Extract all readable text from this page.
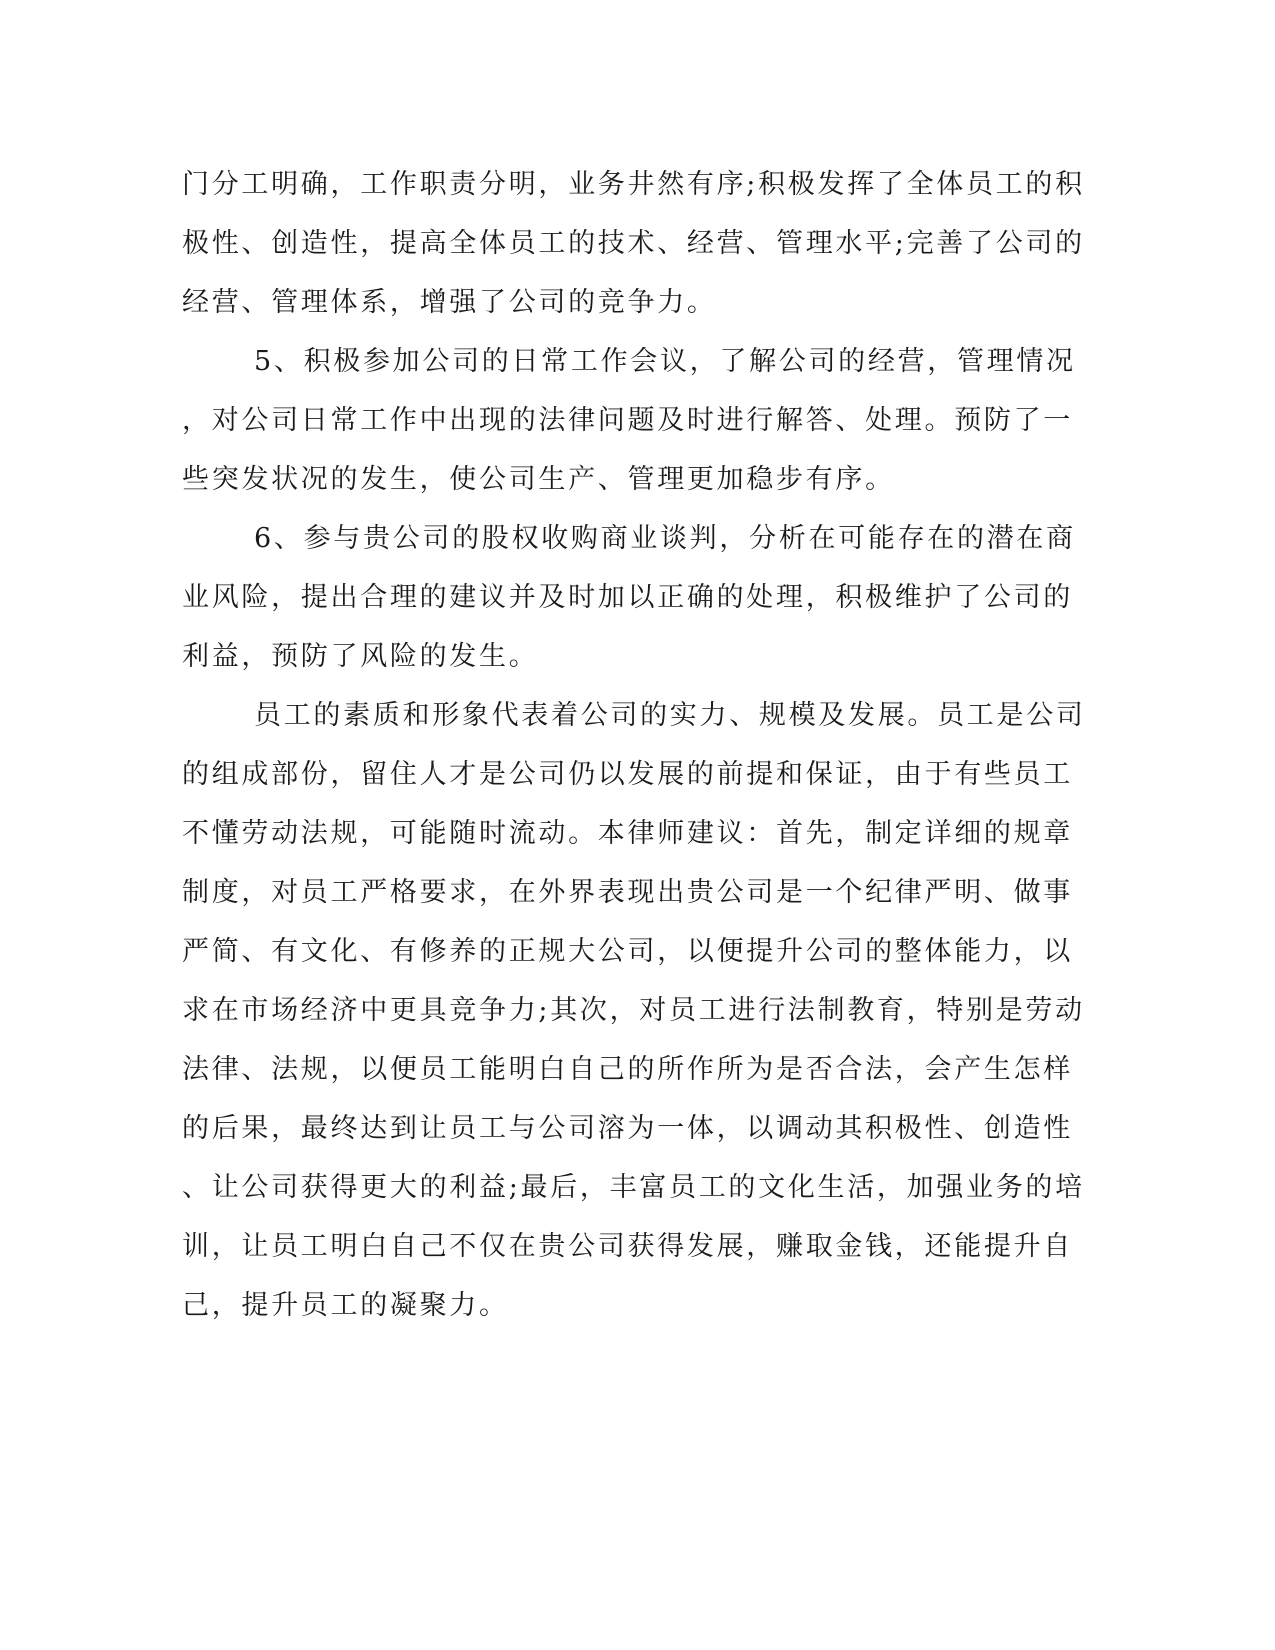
门分工明确，工作职责分明，业务井然有序;积极发挥了全体员工的积
极性、创造性，提高全体员工的技术、经营、管理水平;完善了公司的
经营、管理体系，增强了公司的竞争力。
5、积极参加公司的日常工作会议，了解公司的经营，管理情况
，对公司日常工作中出现的法律问题及时进行解答、处理。预防了一
些突发状况的发生，使公司生产、管理更加稳步有序。
6、参与贵公司的股权收购商业谈判，分析在可能存在的潜在商
业风险，提出合理的建议并及时加以正确的处理，积极维护了公司的
利益，预防了风险的发生。
员工的素质和形象代表着公司的实力、规模及发展。员工是公司
的组成部份，留住人才是公司仍以发展的前提和保证，由于有些员工
不懂劳动法规，可能随时流动。本律师建议：首先，制定详细的规章
制度，对员工严格要求，在外界表现出贵公司是一个纪律严明、做事
严简、有文化、有修养的正规大公司，以便提升公司的整体能力，以
求在市场经济中更具竞争力;其次，对员工进行法制教育，特别是劳动
法律、法规，以便员工能明白自己的所作所为是否合法，会产生怎样
的后果，最终达到让员工与公司溶为一体，以调动其积极性、创造性
、让公司获得更大的利益;最后，丰富员工的文化生活，加强业务的培
训，让员工明白自己不仅在贵公司获得发展，赚取金钱，还能提升自
己，提升员工的凝聚力。
